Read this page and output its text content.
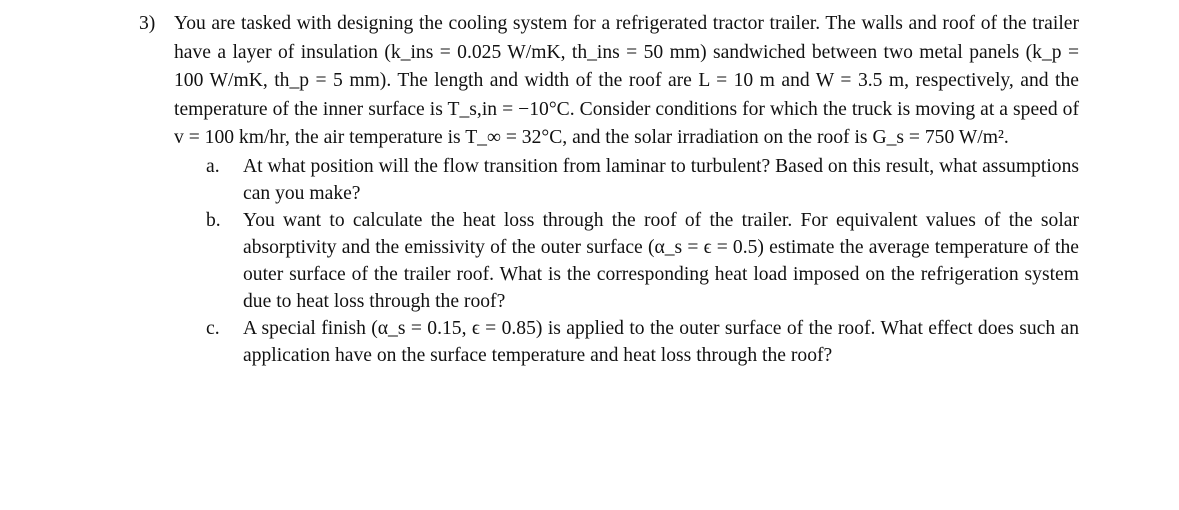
3) You are tasked with designing the cooling system for a refrigerated tractor trailer. The walls and roof of the trailer have a layer of insulation (k_ins = 0.025 W/mK, th_ins = 50 mm) sandwiched between two metal panels (k_p = 100 W/mK, th_p = 5 mm). The length and width of the roof are L = 10 m and W = 3.5 m, respectively, and the temperature of the inner surface is T_s,in = −10°C. Consider conditions for which the truck is moving at a speed of v = 100 km/hr, the air temperature is T_∞ = 32°C, and the solar irradiation on the roof is G_s = 750 W/m².
a. At what position will the flow transition from laminar to turbulent? Based on this result, what assumptions can you make?
b. You want to calculate the heat loss through the roof of the trailer. For equivalent values of the solar absorptivity and the emissivity of the outer surface (α_s = ϵ = 0.5) estimate the average temperature of the outer surface of the trailer roof. What is the corresponding heat load imposed on the refrigeration system due to heat loss through the roof?
c. A special finish (α_s = 0.15, ϵ = 0.85) is applied to the outer surface of the roof. What effect does such an application have on the surface temperature and heat loss through the roof?
